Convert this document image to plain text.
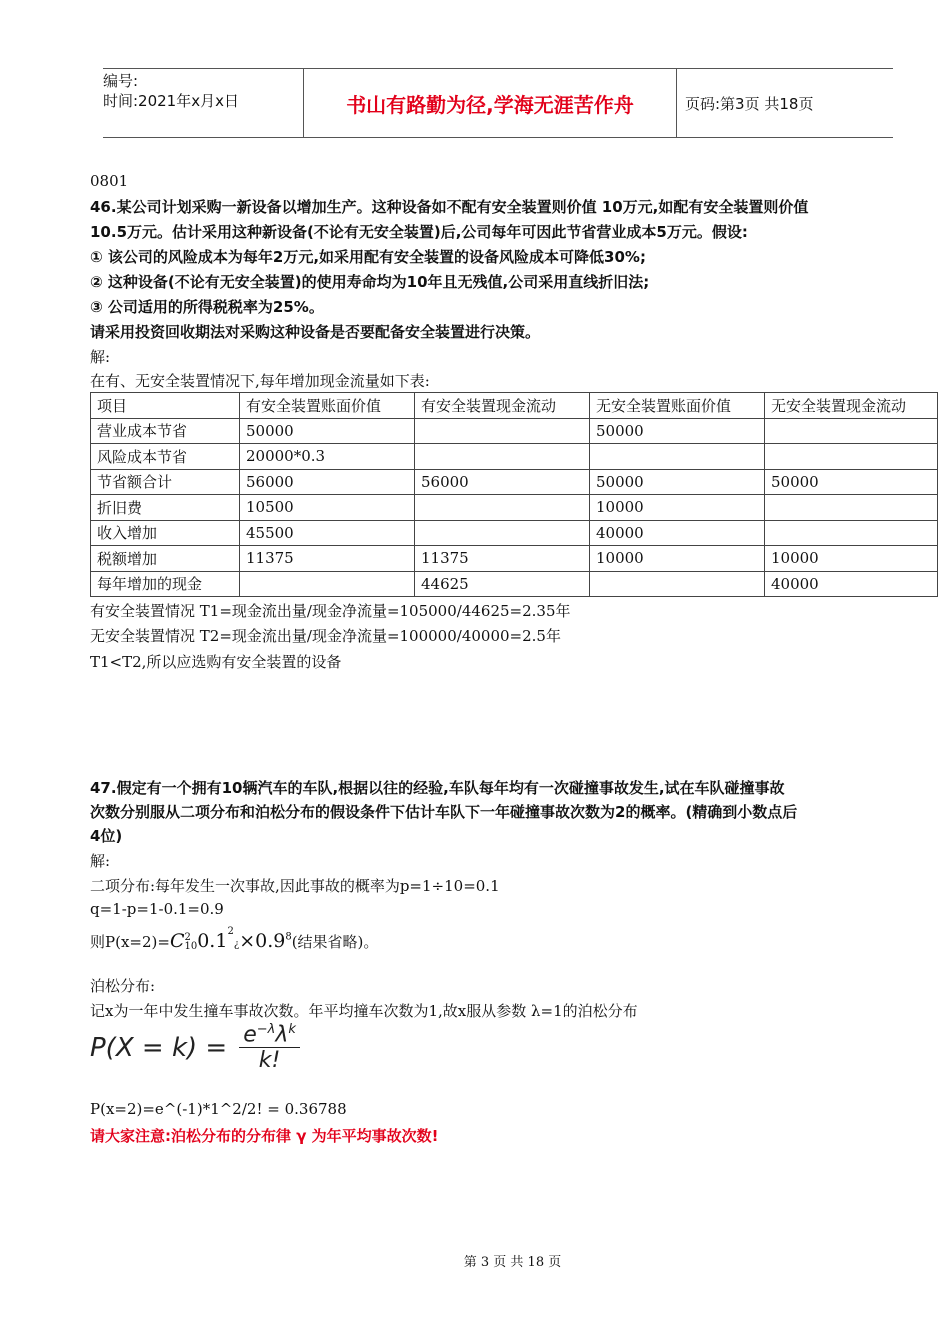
编号:
时间:2021年x月x日	书山有路勤为径,学海无涯苦作舟	页码:第3页 共18页
0801
46.某公司计划采购一新设备以增加生产。这种设备如不配有安全装置则价值 10万元,如配有安全装置则价值
10.5万元。估计采用这种新设备(不论有无安全装置)后,公司每年可因此节省营业成本5万元。假设:
① 该公司的风险成本为每年2万元,如采用配有安全装置的设备风险成本可降低30%;
② 这种设备(不论有无安全装置)的使用寿命均为10年且无残值,公司采用直线折旧法;
③ 公司适用的所得税税率为25%。
请采用投资回收期法对采购这种设备是否要配备安全装置进行决策。
解:
在有、无安全装置情况下,每年增加现金流量如下表:
项目	有安全装置账面价值	有安全装置现金流动	无安全装置账面价值	无安全装置现金流动
营业成本节省	50000		50000	
风险成本节省	20000*0.3			
节省额合计	56000	56000	50000	50000
折旧费	10500		10000	
收入增加	45500		40000	
税额增加	11375	11375	10000	10000
每年增加的现金		44625		40000
有安全装置情况 T1=现金流出量/现金净流量=105000/44625=2.35年
无安全装置情况 T2=现金流出量/现金净流量=100000/40000=2.5年
T1<T2,所以应选购有安全装置的设备
47.假定有一个拥有10辆汽车的车队,根据以往的经验,车队每年均有一次碰撞事故发生,试在车队碰撞事故
次数分别服从二项分布和泊松分布的假设条件下估计车队下一年碰撞事故次数为2的概率。(精确到小数点后
4位)
解:
二项分布:每年发生一次事故,因此事故的概率为p=1÷10=0.1
q=1-p=1-0.1=0.9
则P(x=2)= C 2
10 $0.1^2¿\times 0.9^8$ (结果省略)。
泊松分布:
记x为一年中发生撞车事故次数。年平均撞车次数为1,故x服从参数 λ=1的泊松分布
$P(X = k) = \frac{e^{-\lambda}\lambda^k}{k!}$
P(x=2)=e^(-1)*1^2/2! = 0.36788
请大家注意:泊松分布的分布律 γ 为年平均事故次数!
第 3 页 共 18 页
